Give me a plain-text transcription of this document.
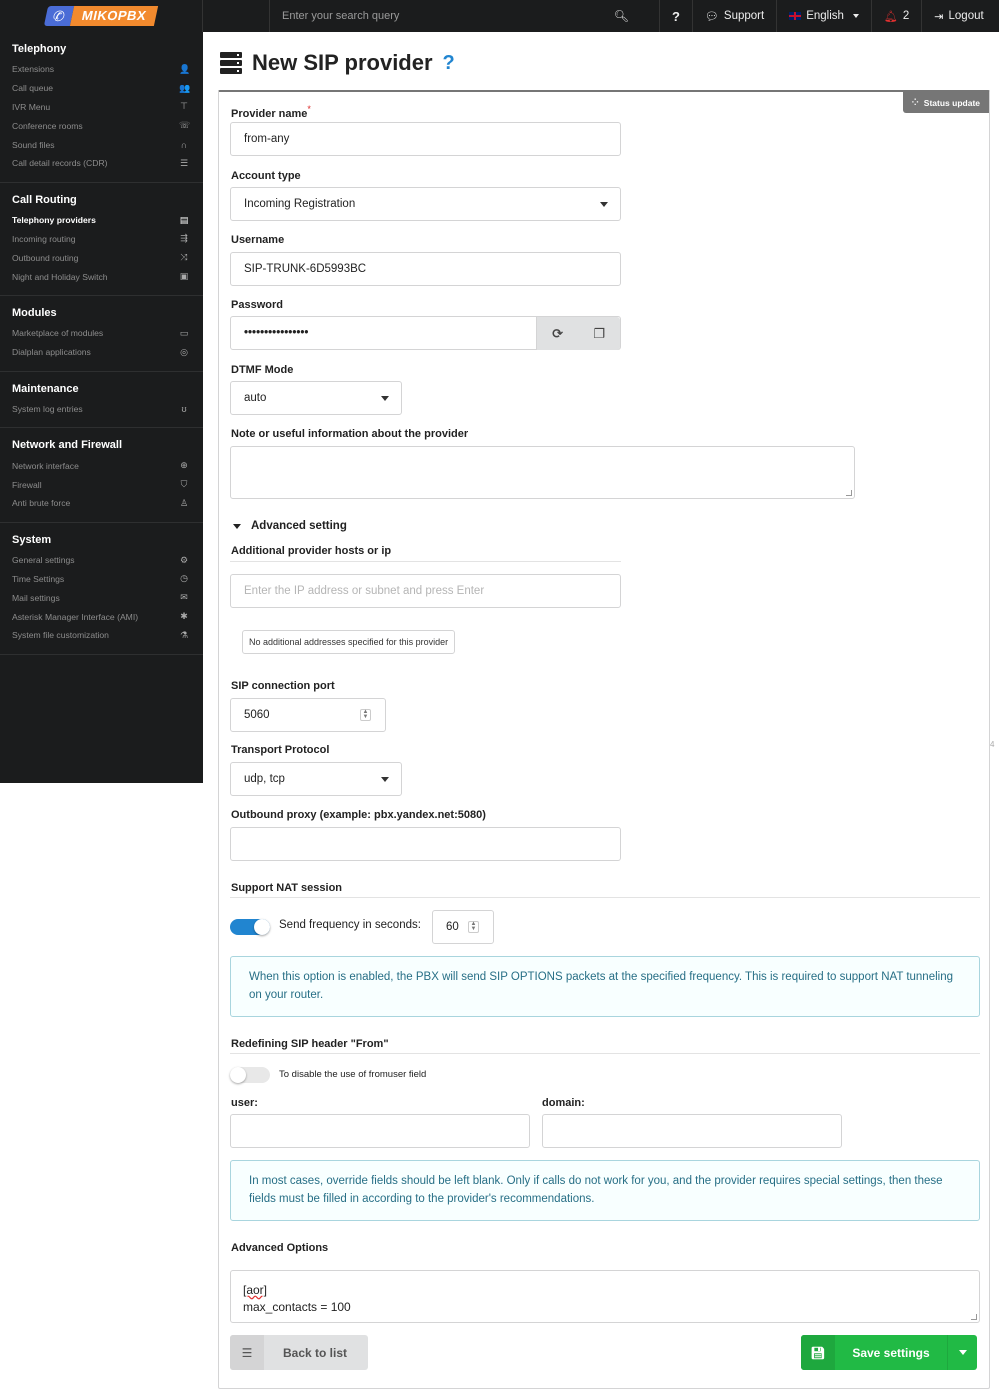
✆	MIKOPBX
Enter your search query	🔍︎	? 💬︎ Support	English	🔔︎ 2 ⇥ Logout
Telephony
Extensions	👤
Call queue	👥
IVR Menu	⊤
Conference rooms	☏
Sound files	∩
Call detail records (CDR)	☰
Call Routing
Telephony providers	▤
Incoming routing	⇶
Outbound routing	⤨
Night and Holiday Switch	▣
Modules
Marketplace of modules	▭
Dialplan applications	◎
Maintenance
System log entries	ʊ
Network and Firewall
Network interface	⊕
Firewall	⛉
Anti brute force	♙
System
General settings	⚙
Time Settings	◷
Mail settings	✉
Asterisk Manager Interface (AMI)	✱
System file customization	⚗
New SIP provider ?
⁘ Status update
Provider name*
from-any
Account type
Incoming Registration
Username
SIP-TRUNK-6D5993BC
Password
••••••••••••••••	⟳ ❐
DTMF Mode
auto
Note or useful information about the provider
Advanced setting
Additional provider hosts or ip
Enter the IP address or subnet and press Enter
No additional addresses specified for this provider
SIP connection port
5060	▲
▼
Transport Protocol
udp, tcp
Outbound proxy (example: pbx.yandex.net:5080)
Support NAT session
Send frequency in seconds: 60 ▲
▼
When this option is enabled, the PBX will send SIP OPTIONS packets at the specified frequency. This is required to support NAT tunneling on your router.
Redefining SIP header "From"
To disable the use of fromuser field
user:	domain:
In most cases, override fields should be left blank. Only if calls do not work for you, and the provider requires special settings, then these fields must be filled in according to the provider's recommendations.
Advanced Options
[aor]
max_contacts = 100
☰	Back to list	💾︎	Save settings
4
